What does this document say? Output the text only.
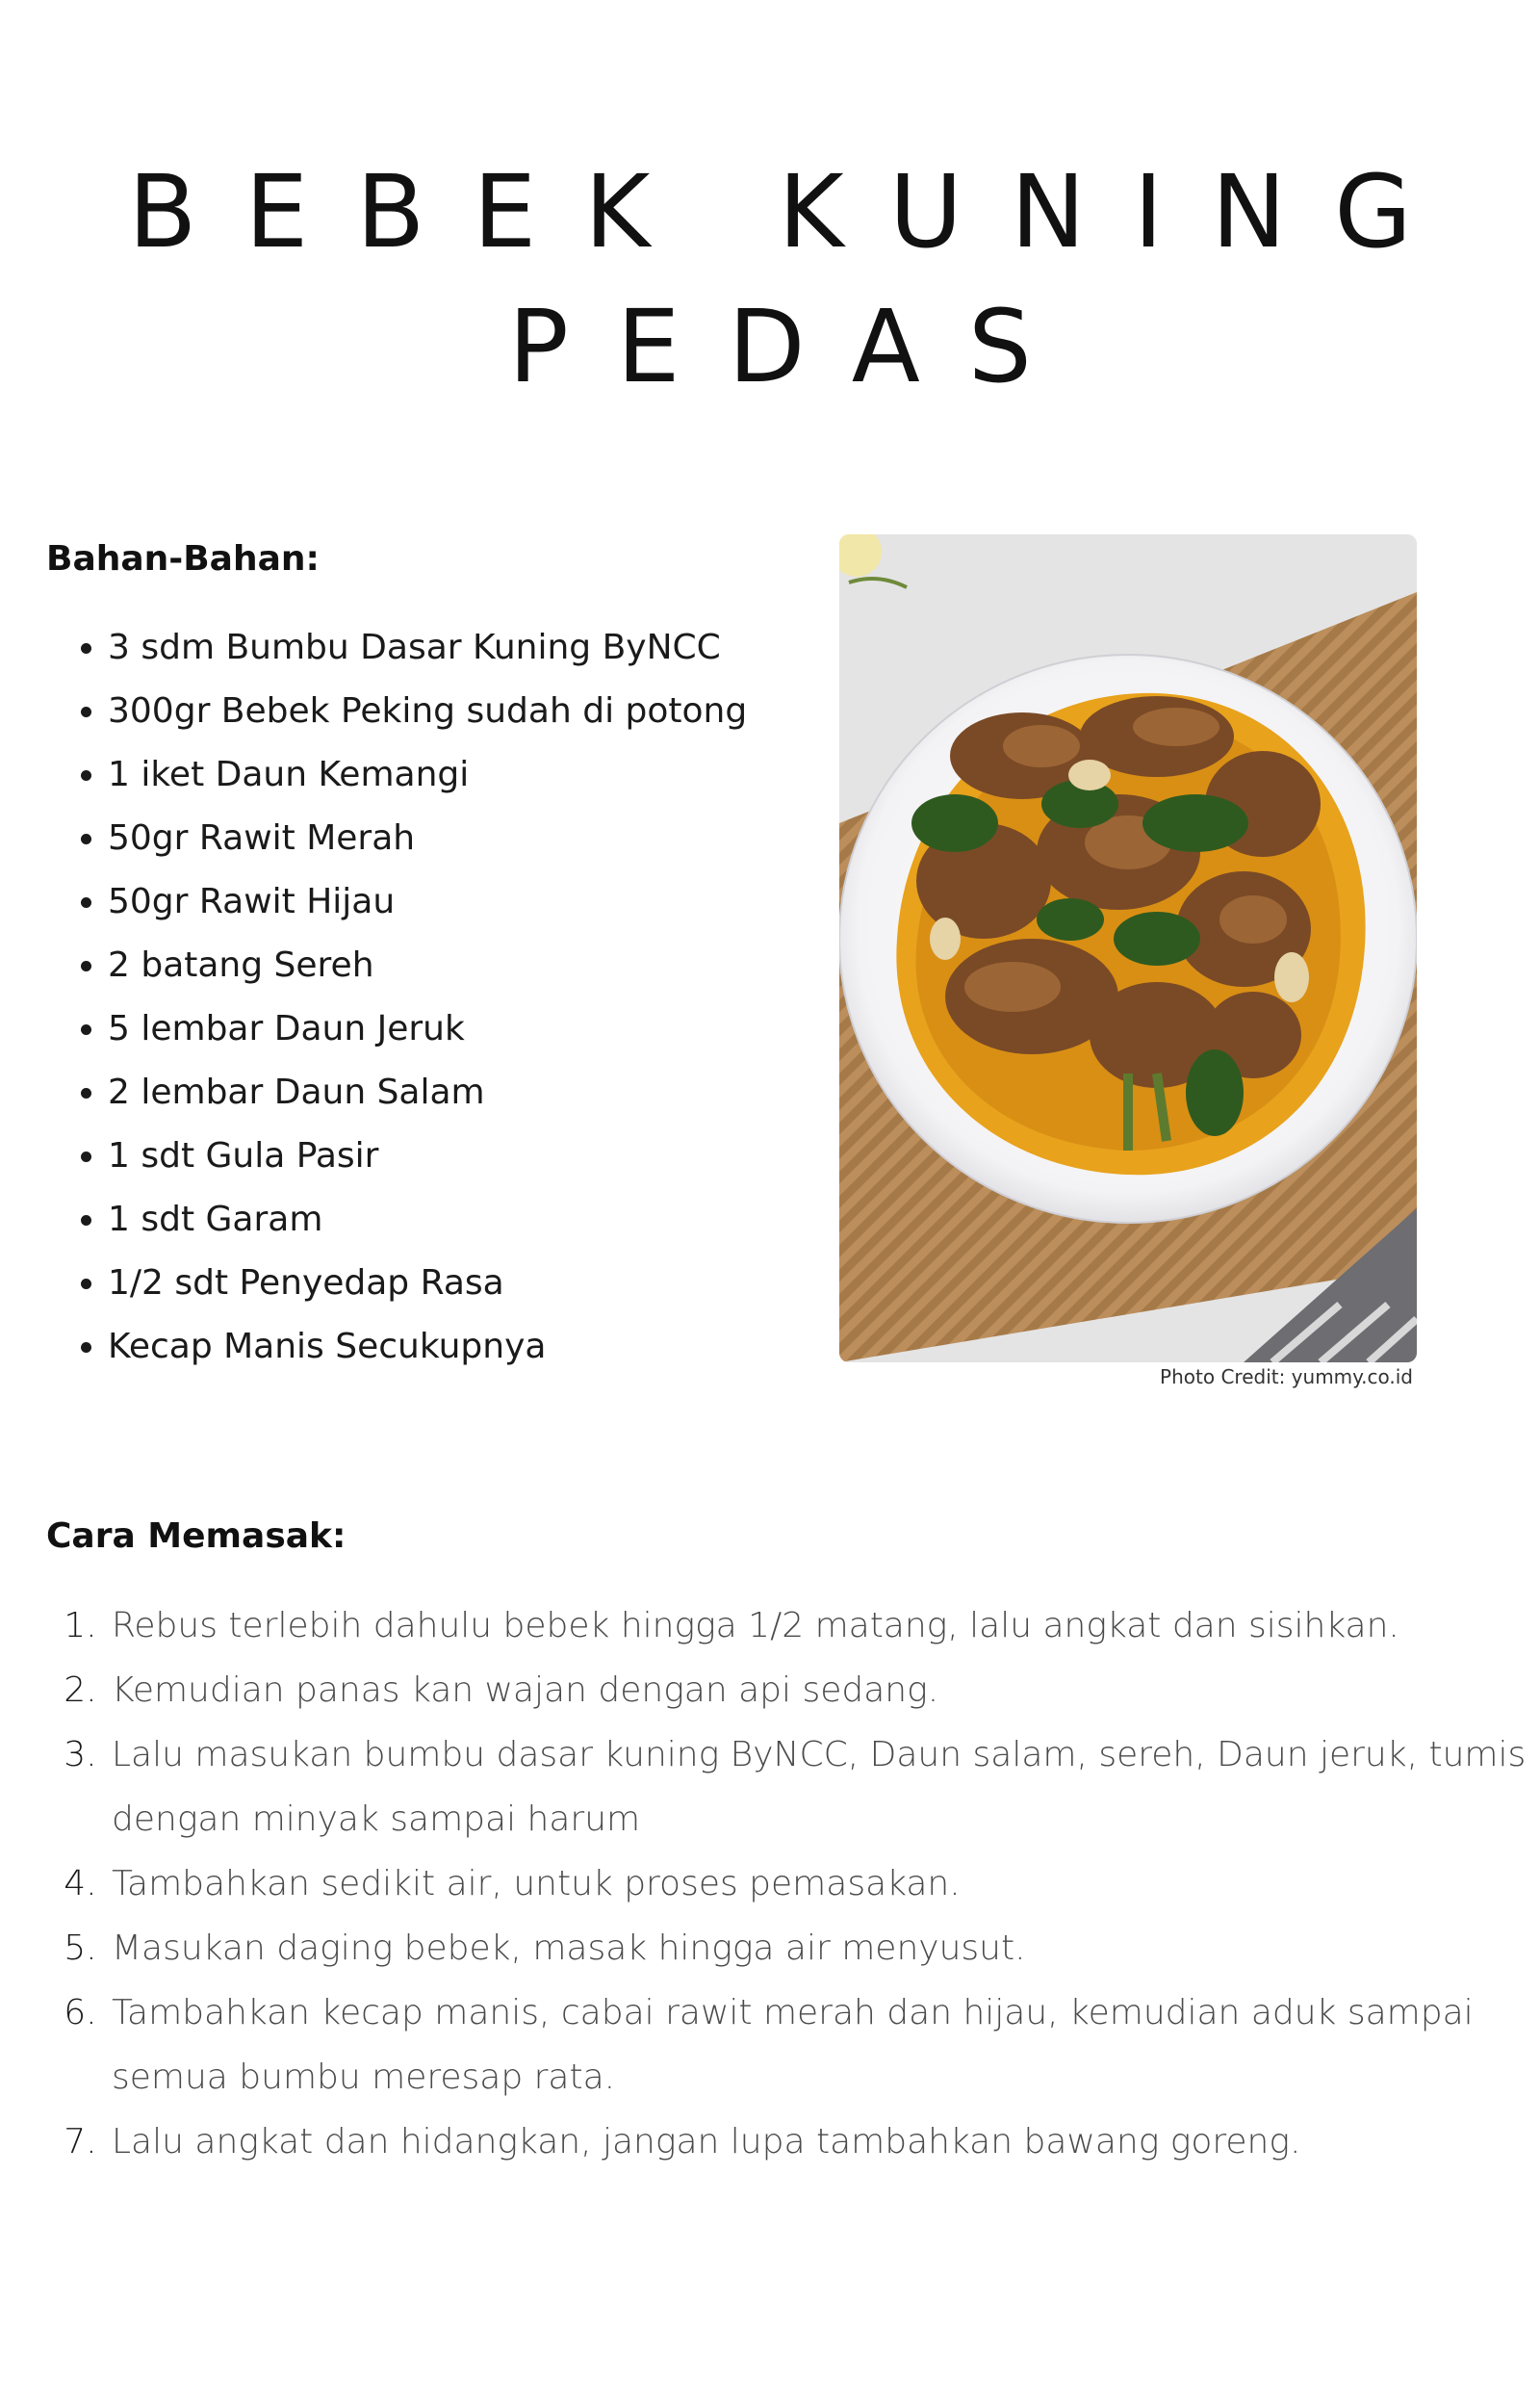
BEBEK KUNING
PEDAS
Bahan-Bahan:
• 3 sdm Bumbu Dasar Kuning ByNCC
• 300gr Bebek Peking sudah di potong
• 1 iket Daun Kemangi
• 50gr Rawit Merah
• 50gr Rawit Hijau
• 2 batang Sereh
• 5 lembar Daun Jeruk
• 2 lembar Daun Salam
• 1 sdt Gula Pasir
• 1 sdt Garam
• 1/2 sdt Penyedap Rasa
• Kecap Manis Secukupnya
Photo Credit: yummy.co.id
Cara Memasak:
1. Rebus terlebih dahulu bebek hingga 1/2 matang, lalu angkat dan sisihkan.
2. Kemudian panas kan wajan dengan api sedang.
3. Lalu masukan bumbu dasar kuning ByNCC, Daun salam, sereh, Daun jeruk, tumis dengan minyak sampai harum
4. Tambahkan sedikit air, untuk proses pemasakan.
5. Masukan daging bebek, masak hingga air menyusut.
6. Tambahkan kecap manis, cabai rawit merah dan hijau, kemudian aduk sampai semua bumbu meresap rata.
7. Lalu angkat dan hidangkan, jangan lupa tambahkan bawang goreng.
